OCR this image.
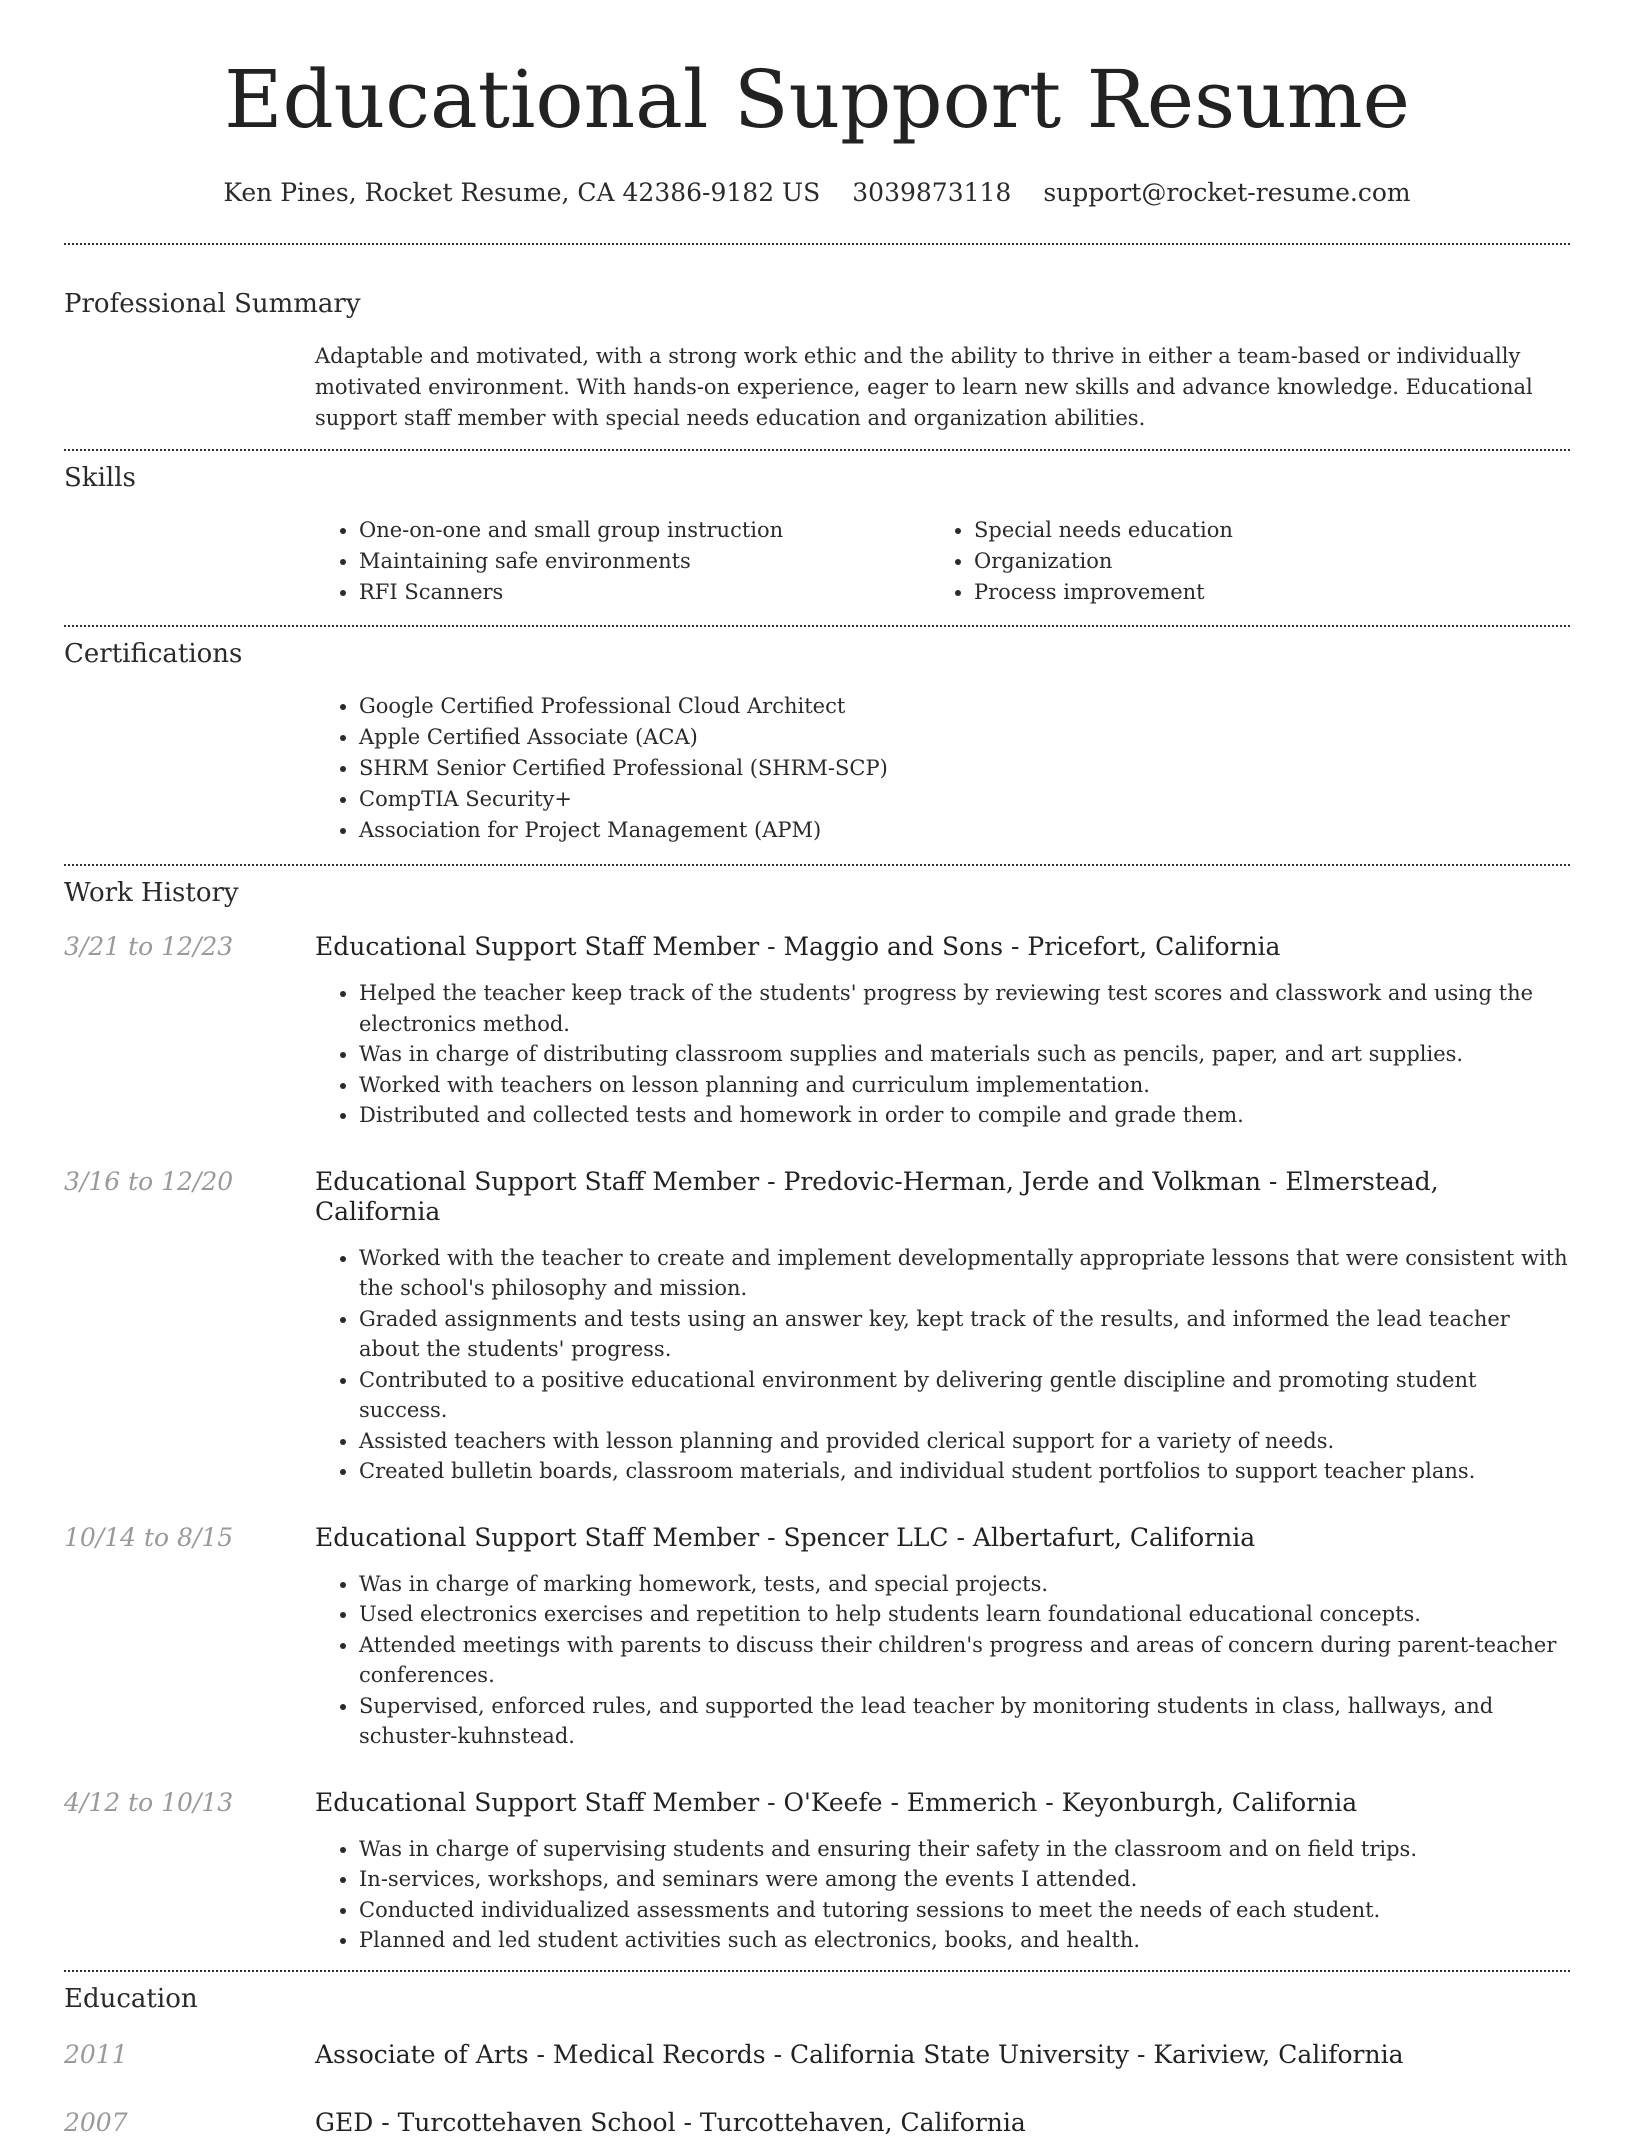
Educational Support Resume
Ken Pines, Rocket Resume, CA 42386-9182 US 3039873118 support@rocket-resume.com
Professional Summary
Adaptable and motivated, with a strong work ethic and the ability to thrive in either a team-based or individually motivated environment. With hands-on experience, eager to learn new skills and advance knowledge. Educational support staff member with special needs education and organization abilities.
Skills
• One-on-one and small group instruction
• Maintaining safe environments
• RFI Scanners
• Special needs education
• Organization
• Process improvement
Certifications
• Google Certified Professional Cloud Architect
• Apple Certified Associate (ACA)
• SHRM Senior Certified Professional (SHRM-SCP)
• CompTIA Security+
• Association for Project Management (APM)
Work History
3/21 to 12/23	Educational Support Staff Member - Maggio and Sons - Pricefort, California
• Helped the teacher keep track of the students' progress by reviewing test scores and classwork and using the electronics method.
• Was in charge of distributing classroom supplies and materials such as pencils, paper, and art supplies.
• Worked with teachers on lesson planning and curriculum implementation.
• Distributed and collected tests and homework in order to compile and grade them.
3/16 to 12/20	Educational Support Staff Member - Predovic-Herman, Jerde and Volkman - Elmerstead, California
• Worked with the teacher to create and implement developmentally appropriate lessons that were consistent with the school's philosophy and mission.
• Graded assignments and tests using an answer key, kept track of the results, and informed the lead teacher about the students' progress.
• Contributed to a positive educational environment by delivering gentle discipline and promoting student success.
• Assisted teachers with lesson planning and provided clerical support for a variety of needs.
• Created bulletin boards, classroom materials, and individual student portfolios to support teacher plans.
10/14 to 8/15	Educational Support Staff Member - Spencer LLC - Albertafurt, California
• Was in charge of marking homework, tests, and special projects.
• Used electronics exercises and repetition to help students learn foundational educational concepts.
• Attended meetings with parents to discuss their children's progress and areas of concern during parent-teacher conferences.
• Supervised, enforced rules, and supported the lead teacher by monitoring students in class, hallways, and schuster-kuhnstead.
4/12 to 10/13	Educational Support Staff Member - O'Keefe - Emmerich - Keyonburgh, California
• Was in charge of supervising students and ensuring their safety in the classroom and on field trips.
• In-services, workshops, and seminars were among the events I attended.
• Conducted individualized assessments and tutoring sessions to meet the needs of each student.
• Planned and led student activities such as electronics, books, and health.
Education
2011	Associate of Arts - Medical Records - California State University - Kariview, California
2007	GED - Turcottehaven School - Turcottehaven, California
